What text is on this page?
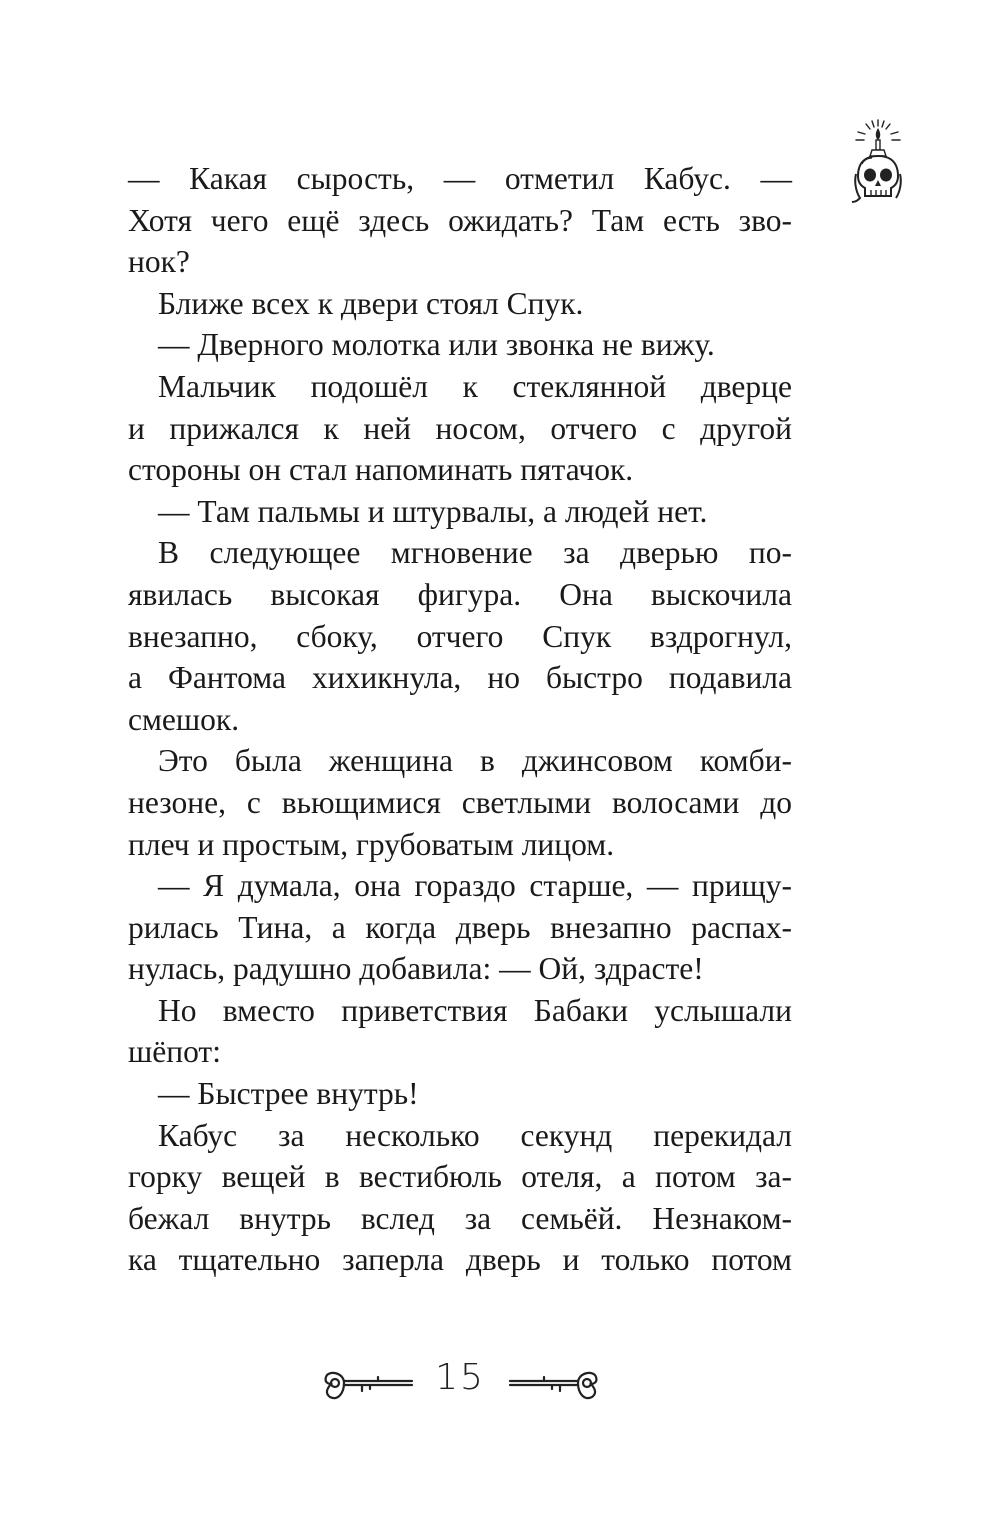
— Какая сырость, — отметил Кабус. —
Хотя чего ещё здесь ожидать? Там есть зво-
нок?
Ближе всех к двери стоял Спук.
— Дверного молотка или звонка не вижу.
Мальчик подошёл к стеклянной дверце
и прижался к ней носом, отчего с другой
стороны он стал напоминать пятачок.
— Там пальмы и штурвалы, а людей нет.
В следующее мгновение за дверью по-
явилась высокая фигура. Она выскочила
внезапно, сбоку, отчего Спук вздрогнул,
а Фантома хихикнула, но быстро подавила
смешок.
Это была женщина в джинсовом комби-
незоне, с вьющимися светлыми волосами до
плеч и простым, грубоватым лицом.
— Я думала, она гораздо старше, — прищу-
рилась Тина, а когда дверь внезапно распах-
нулась, радушно добавила: — Ой, здрасте!
Но вместо приветствия Бабаки услышали
шёпот:
— Быстрее внутрь!
Кабус за несколько секунд перекидал
горку вещей в вестибюль отеля, а потом за-
бежал внутрь вслед за семьёй. Незнаком-
ка тщательно заперла дверь и только потом
15
